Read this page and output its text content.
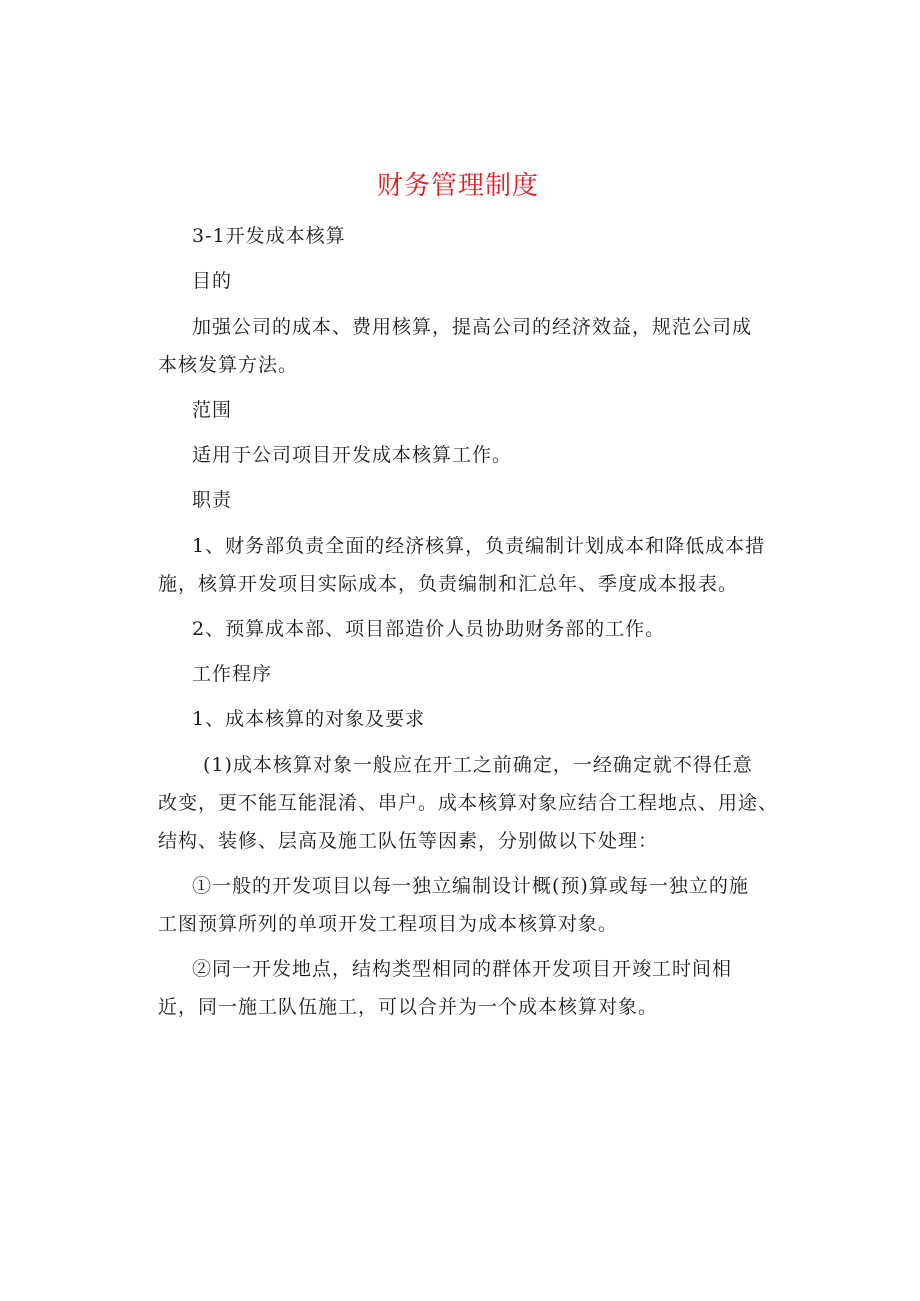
财务管理制度
3-1开发成本核算
目的
加强公司的成本、费用核算，提高公司的经济效益，规范公司成
本核发算方法。
范围
适用于公司项目开发成本核算工作。
职责
1、财务部负责全面的经济核算，负责编制计划成本和降低成本措
施，核算开发项目实际成本，负责编制和汇总年、季度成本报表。
2、预算成本部、项目部造价人员协助财务部的工作。
工作程序
1、成本核算的对象及要求
(1)成本核算对象一般应在开工之前确定，一经确定就不得任意
改变，更不能互能混淆、串户。成本核算对象应结合工程地点、用途、
结构、装修、层高及施工队伍等因素，分别做以下处理：
①一般的开发项目以每一独立编制设计概(预)算或每一独立的施
工图预算所列的单项开发工程项目为成本核算对象。
②同一开发地点，结构类型相同的群体开发项目开竣工时间相
近，同一施工队伍施工，可以合并为一个成本核算对象。
